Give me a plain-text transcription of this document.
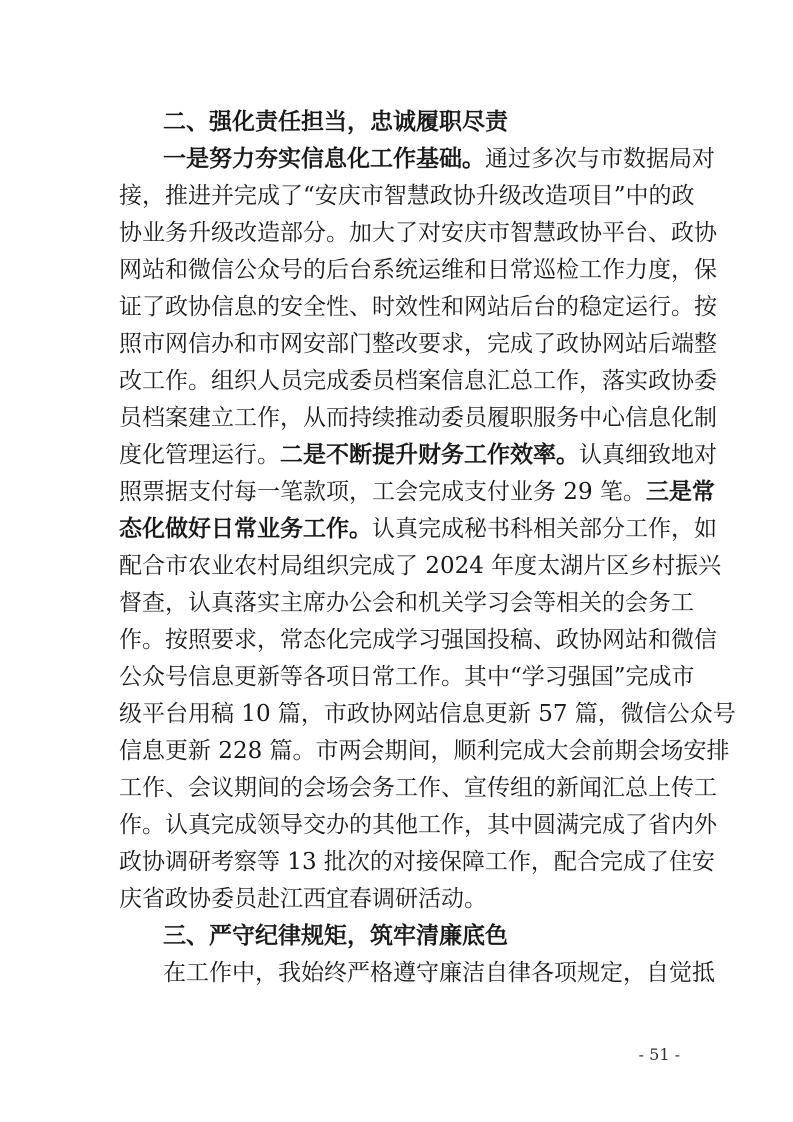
二、强化责任担当，忠诚履职尽责
一是努力夯实信息化工作基础。通过多次与市数据局对
接，推进并完成了“安庆市智慧政协升级改造项目”中的政
协业务升级改造部分。加大了对安庆市智慧政协平台、政协
网站和微信公众号的后台系统运维和日常巡检工作力度，保
证了政协信息的安全性、时效性和网站后台的稳定运行。按
照市网信办和市网安部门整改要求，完成了政协网站后端整
改工作。组织人员完成委员档案信息汇总工作，落实政协委
员档案建立工作，从而持续推动委员履职服务中心信息化制
度化管理运行。二是不断提升财务工作效率。认真细致地对
照票据支付每一笔款项，工会完成支付业务 29 笔。三是常
态化做好日常业务工作。认真完成秘书科相关部分工作，如
配合市农业农村局组织完成了 2024 年度太湖片区乡村振兴
督查，认真落实主席办公会和机关学习会等相关的会务工
作。按照要求，常态化完成学习强国投稿、政协网站和微信
公众号信息更新等各项日常工作。其中“学习强国”完成市
级平台用稿 10 篇，市政协网站信息更新 57 篇，微信公众号
信息更新 228 篇。市两会期间，顺利完成大会前期会场安排
工作、会议期间的会场会务工作、宣传组的新闻汇总上传工
作。认真完成领导交办的其他工作，其中圆满完成了省内外
政协调研考察等 13 批次的对接保障工作，配合完成了住安
庆省政协委员赴江西宜春调研活动。
三、严守纪律规矩，筑牢清廉底色
在工作中，我始终严格遵守廉洁自律各项规定，自觉抵
- 51 -
